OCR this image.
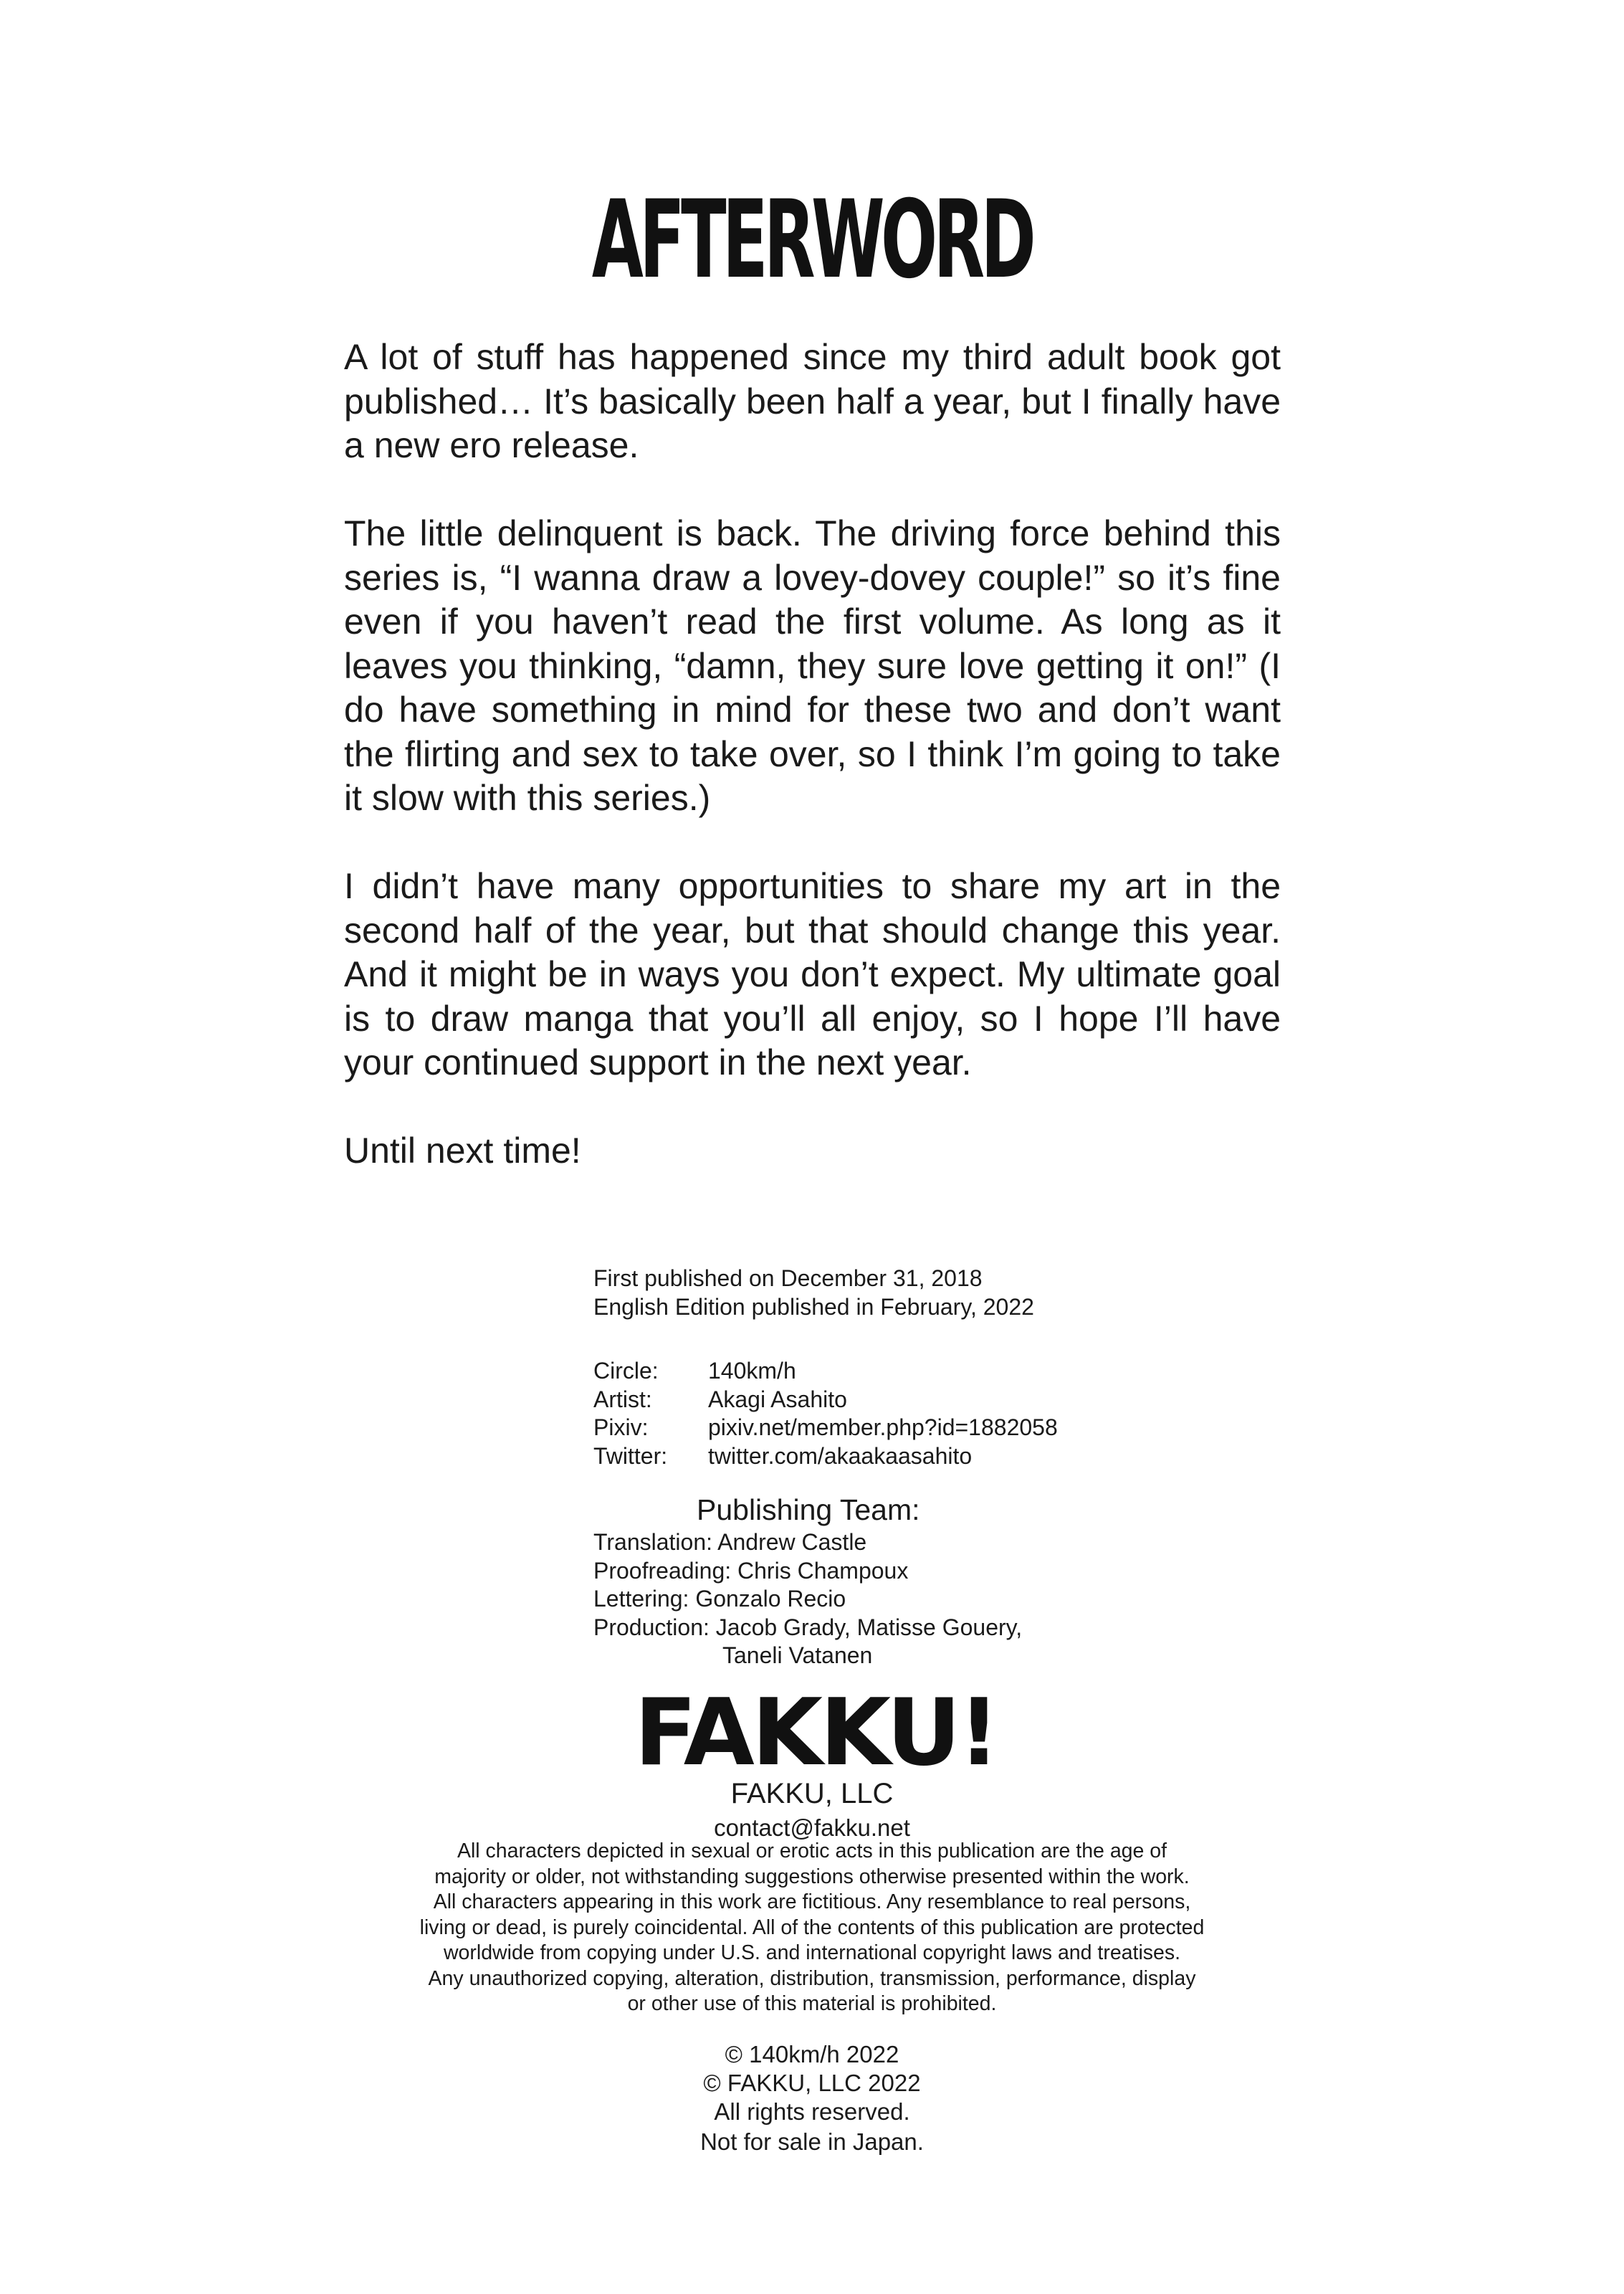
AFTERWORD

A lot of stuff has happened since my third adult book got published… It’s basically been half a year, but I finally have a new ero release.

The little delinquent is back. The driving force behind this series is, “I wanna draw a lovey-dovey couple!” so it’s fine even if you haven’t read the first volume. As long as it leaves you thinking, “damn, they sure love getting it on!” (I do have something in mind for these two and don’t want the flirting and sex to take over, so I think I’m going to take it slow with this series.)

I didn’t have many opportunities to share my art in the second half of the year, but that should change this year. And it might be in ways you don’t expect. My ultimate goal is to draw manga that you’ll all enjoy, so I hope I’ll have your continued support in the next year.

Until next time!

First published on December 31, 2018
English Edition published in February, 2022
Circle: 140km/h
Artist: Akagi Asahito
Pixiv:	pixiv.net/member.php?id=1882058
Twitter: twitter.com/akaakaasahito
Publishing Team:
Translation: Andrew Castle
Proofreading: Chris Champoux
Lettering: Gonzalo Recio
Production: Jacob Grady, Matisse Gouery,
Taneli Vatanen
FAKKU!
FAKKU, LLC
contact@fakku.net
All characters depicted in sexual or erotic acts in this publication are the age of
majority or older, not withstanding suggestions otherwise presented within the work.
All characters appearing in this work are fictitious. Any resemblance to real persons,
living or dead, is purely coincidental. All of the contents of this publication are protected
worldwide from copying under U.S. and international copyright laws and treatises.
Any unauthorized copying, alteration, distribution, transmission, performance, display
or other use of this material is prohibited.
© 140km/h 2022
© FAKKU, LLC 2022
All rights reserved.
Not for sale in Japan.
